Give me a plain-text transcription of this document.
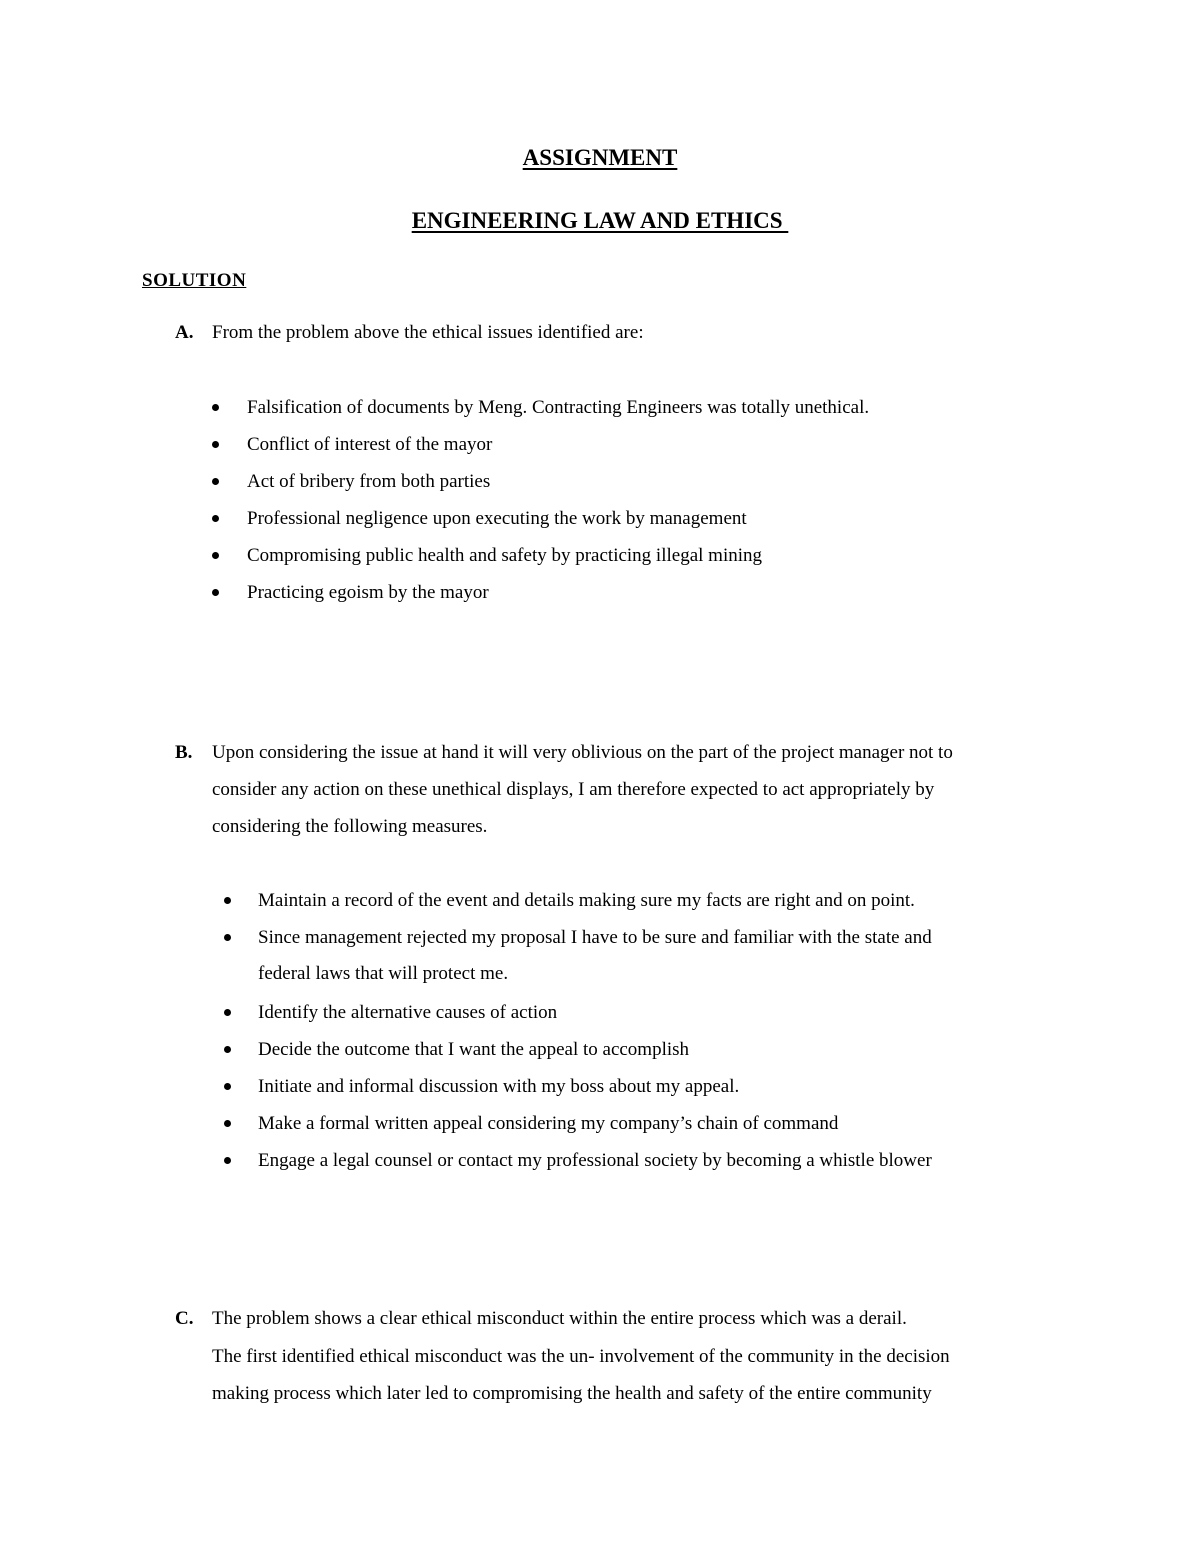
ASSIGNMENT
ENGINEERING LAW AND ETHICS
SOLUTION
A. From the problem above the ethical issues identified are:
Falsification of documents by Meng. Contracting Engineers was totally unethical.
Conflict of interest of the mayor
Act of bribery from both parties
Professional negligence upon executing the work by management
Compromising public health and safety by practicing illegal mining
Practicing egoism by the mayor
B. Upon considering the issue at hand it will very oblivious on the part of the project manager not to
consider any action on these unethical displays, I am therefore expected to act appropriately by
considering the following measures.
Maintain a record of the event and details making sure my facts are right and on point.
Since management rejected my proposal I have to be sure and familiar with the state and
federal laws that will protect me.
Identify the alternative causes of action
Decide the outcome that I want the appeal to accomplish
Initiate and informal discussion with my boss about my appeal.
Make a formal written appeal considering my company’s chain of command
Engage a legal counsel or contact my professional society by becoming a whistle blower
C. The problem shows a clear ethical misconduct within the entire process which was a derail.
The first identified ethical misconduct was the un- involvement of the community in the decision
making process which later led to compromising the health and safety of the entire community
